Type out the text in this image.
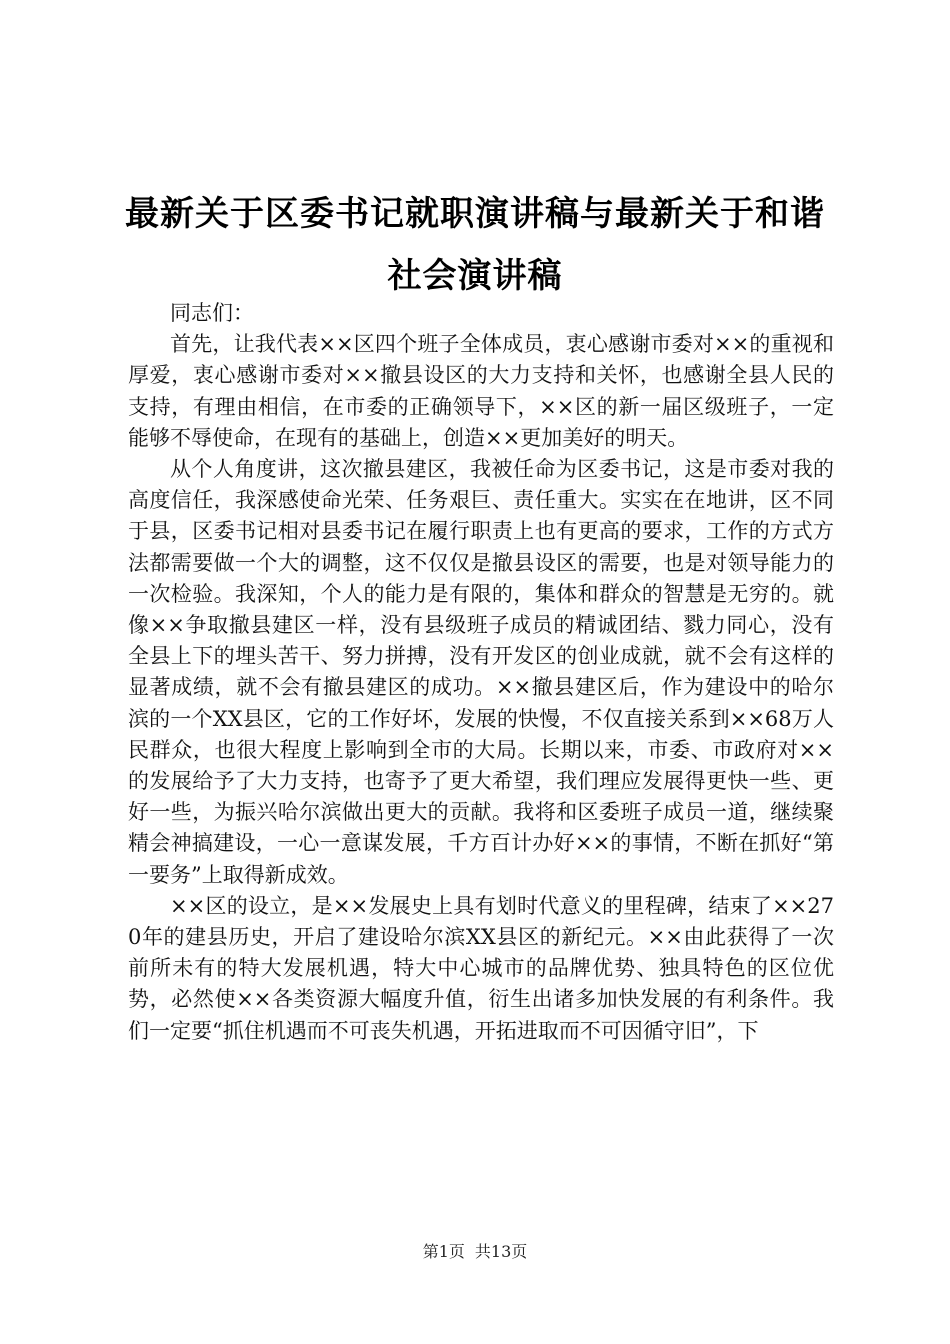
最新关于区委书记就职演讲稿与最新关于和谐
社会演讲稿

同志们：

首先，让我代表××区四个班子全体成员，衷心感谢市委对××的重视和厚爱，衷心感谢市委对××撤县设区的大力支持和关怀，也感谢全县人民的支持，有理由相信，在市委的正确领导下，××区的新一届区级班子，一定能够不辱使命，在现有的基础上，创造××更加美好的明天。

从个人角度讲，这次撤县建区，我被任命为区委书记，这是市委对我的高度信任，我深感使命光荣、任务艰巨、责任重大。实实在在地讲，区不同于县，区委书记相对县委书记在履行职责上也有更高的要求，工作的方式方法都需要做一个大的调整，这不仅仅是撤县设区的需要，也是对领导能力的一次检验。我深知，个人的能力是有限的，集体和群众的智慧是无穷的。就像××争取撤县建区一样，没有县级班子成员的精诚团结、戮力同心，没有全县上下的埋头苦干、努力拼搏，没有开发区的创业成就，就不会有这样的显著成绩，就不会有撤县建区的成功。××撤县建区后，作为建设中的哈尔滨的一个XX县区，它的工作好坏，发展的快慢，不仅直接关系到××68万人民群众，也很大程度上影响到全市的大局。长期以来，市委、市政府对××的发展给予了大力支持，也寄予了更大希望，我们理应发展得更快一些、更好一些，为振兴哈尔滨做出更大的贡献。我将和区委班子成员一道，继续聚精会神搞建设，一心一意谋发展，千方百计办好××的事情，不断在抓好“第一要务”上取得新成效。

××区的设立，是××发展史上具有划时代意义的里程碑，结束了××270年的建县历史，开启了建设哈尔滨XX县区的新纪元。××由此获得了一次前所未有的特大发展机遇，特大中心城市的品牌优势、独具特色的区位优势，必然使××各类资源大幅度升值，衍生出诸多加快发展的有利条件。我们一定要“抓住机遇而不可丧失机遇，开拓进取而不可因循守旧”，下

第1页 共13页
